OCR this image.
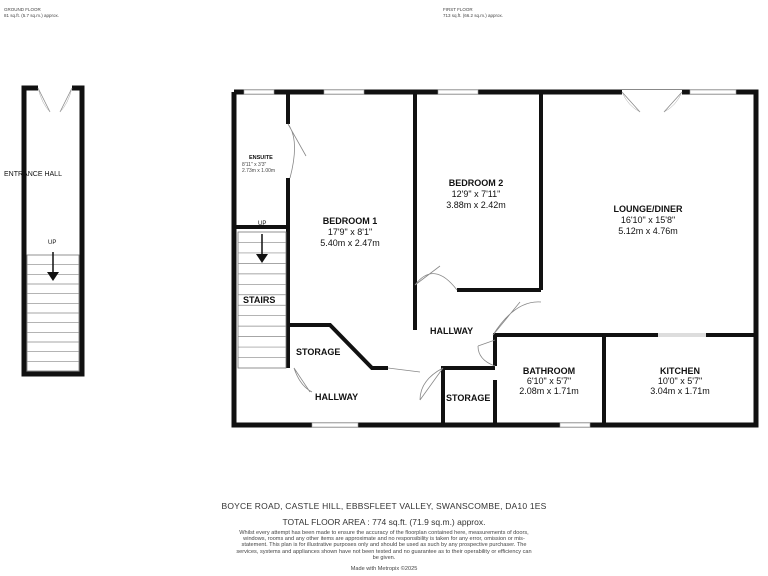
GROUND FLOOR
81 sq.ft. (5.7 sq.m.) approx.
FIRST FLOOR
713 sq.ft. (66.2 sq.m.) approx.
ENTRANCE HALL
UP
ENSUITE
8'11" x 3'3"
2.73m x 1.00m
UP
STAIRS
BEDROOM 1
17'9" x 8'1"
5.40m x 2.47m
BEDROOM 2
12'9" x 7'11"
3.88m x 2.42m	LOUNGE/DINER
16'10" x 15'8"
5.12m x 4.76m
HALLWAY
STORAGE
HALLWAY	STORAGE
BATHROOM
6'10" x 5'7"
2.08m x 1.71m
KITCHEN
10'0" x 5'7"
3.04m x 1.71m
BOYCE ROAD, CASTLE HILL, EBBSFLEET VALLEY, SWANSCOMBE, DA10 1ES
TOTAL FLOOR AREA : 774 sq.ft. (71.9 sq.m.) approx.
Whilst every attempt has been made to ensure the accuracy of the floorplan contained here, measurements of doors, windows, rooms and any other items are approximate and no responsibility is taken for any error, omission or mis-statement. This plan is for illustrative purposes only and should be used as such by any prospective purchaser. The services, systems and appliances shown have not been tested and no guarantee as to their operability or efficiency can be given.
Made with Metropix ©2025
